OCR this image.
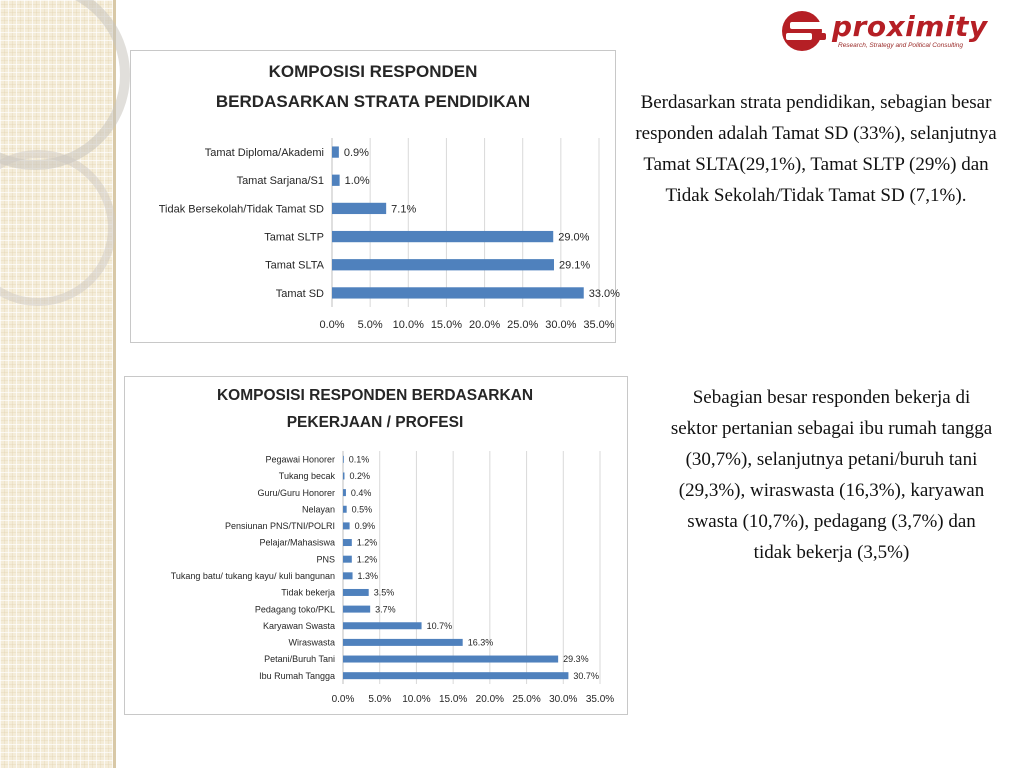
proximity
Research, Strategy and Political Consulting
KOMPOSISI RESPONDEN
BERDASARKAN STRATA PENDIDIKAN
0.0% 5.0% 10.0% 15.0% 20.0% 25.0% 30.0% 35.0%
Tamat Diploma/Akademi 0.9%
Tamat Sarjana/S1 1.0%
Tidak Bersekolah/Tidak Tamat SD	7.1%
Tamat SLTP	29.0%
Tamat SLTA	29.1%
Tamat SD	33.0%
KOMPOSISI RESPONDEN BERDASARKAN
PEKERJAAN / PROFESI
0.0% 5.0% 10.0% 15.0% 20.0% 25.0% 30.0% 35.0%
Pegawai Honorer 0.1%
Tukang becak 0.2%
Guru/Guru Honorer 0.4%
Nelayan 0.5%
Pensiunan PNS/TNI/POLRI 0.9%
Pelajar/Mahasiswa 1.2%
PNS 1.2%
Tukang batu/ tukang kayu/ kuli bangunan	1.3%
Tidak bekerja	3.5%
Pedagang toko/PKL	3.7%
Karyawan Swasta	10.7%
Wiraswasta	16.3%
Petani/Buruh Tani	29.3%
Ibu Rumah Tangga	30.7%
Berdasarkan strata pendidikan, sebagian besar responden adalah Tamat SD (33%), selanjutnya Tamat SLTA(29,1%), Tamat SLTP (29%) dan Tidak Sekolah/Tidak Tamat SD (7,1%).
Sebagian besar responden bekerja di sektor pertanian sebagai ibu rumah tangga (30,7%), selanjutnya petani/buruh tani (29,3%), wiraswasta (16,3%), karyawan swasta (10,7%), pedagang (3,7%) dan tidak bekerja (3,5%)
